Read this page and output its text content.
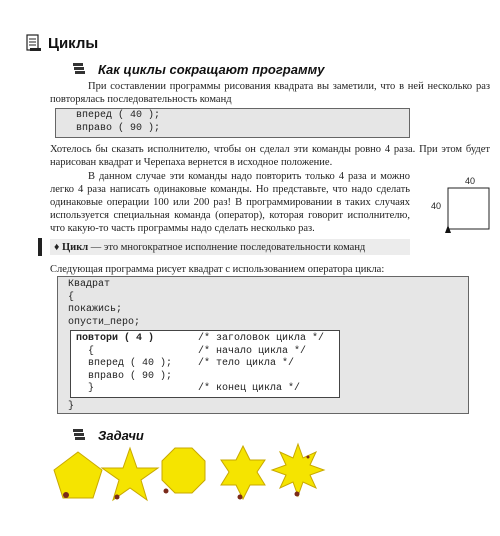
Циклы
Как циклы сокращают программу
При составлении программы рисования квадрата вы заметили, что в ней несколько раз повторялась последовательность команд
вперед ( 40 );
вправо ( 90 );
Хотелось бы сказать исполнителю, чтобы он сделал эти команды ровно 4 раза. При этом будет нарисован квадрат и Черепаха вернется в исходное положение.
В данном случае эти команды надо повторить только 4 раза и можно легко 4 раза написать одинаковые команды. Но представьте, что надо сделать одинаковые операции 100 или 200 раз! В программировании в таких случаях используется специальная команда (оператор), которая говорит исполнителю, что какую-то часть программы надо сделать несколько раз.
40
40
♦ Цикл — это многократное исполнение последовательности команд
Следующая программа рисует квадрат с использованием оператора цикла:
Квадрат
{
покажись;
опусти_перо;
повтори ( 4 )	/* заголовок цикла */
{	/* начало цикла */
вперед ( 40 );	/* тело цикла */
вправо ( 90 );
}	/* конец цикла */
}
Задачи
